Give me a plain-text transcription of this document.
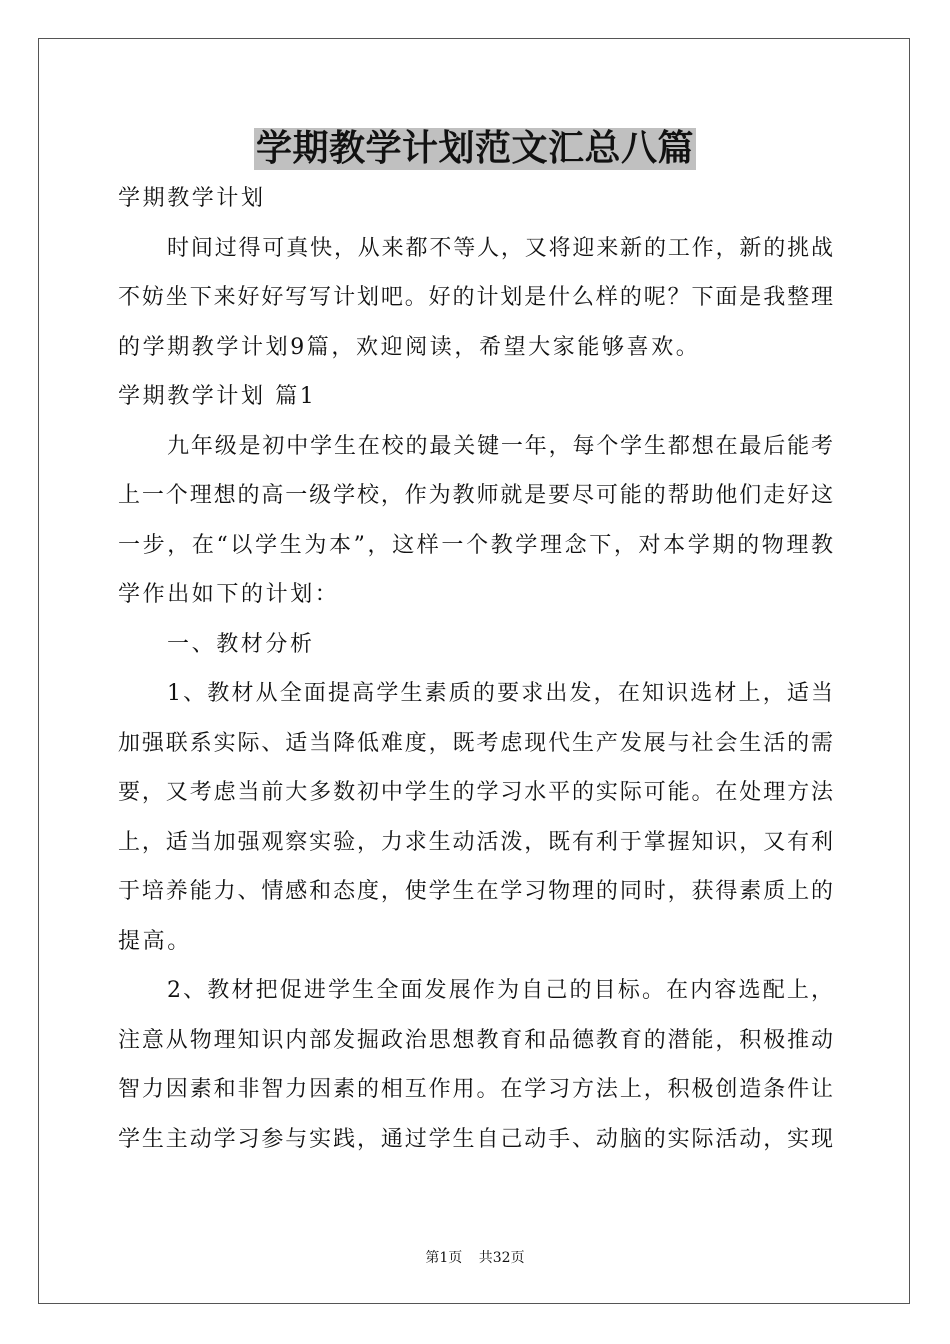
学期教学计划范文汇总八篇
学期教学计划
时间过得可真快，从来都不等人，又将迎来新的工作，新的挑战
不妨坐下来好好写写计划吧。好的计划是什么样的呢？下面是我整理
的学期教学计划9篇，欢迎阅读，希望大家能够喜欢。
学期教学计划 篇1
九年级是初中学生在校的最关键一年，每个学生都想在最后能考
上一个理想的高一级学校，作为教师就是要尽可能的帮助他们走好这
一步，在“以学生为本”，这样一个教学理念下，对本学期的物理教
学作出如下的计划：
一、教材分析
1、教材从全面提高学生素质的要求出发，在知识选材上，适当
加强联系实际、适当降低难度，既考虑现代生产发展与社会生活的需
要，又考虑当前大多数初中学生的学习水平的实际可能。在处理方法
上，适当加强观察实验，力求生动活泼，既有利于掌握知识，又有利
于培养能力、情感和态度，使学生在学习物理的同时，获得素质上的
提高。
2、教材把促进学生全面发展作为自己的目标。在内容选配上，
注意从物理知识内部发掘政治思想教育和品德教育的潜能，积极推动
智力因素和非智力因素的相互作用。在学习方法上，积极创造条件让
学生主动学习参与实践，通过学生自己动手、动脑的实际活动，实现
第1页 共32页
